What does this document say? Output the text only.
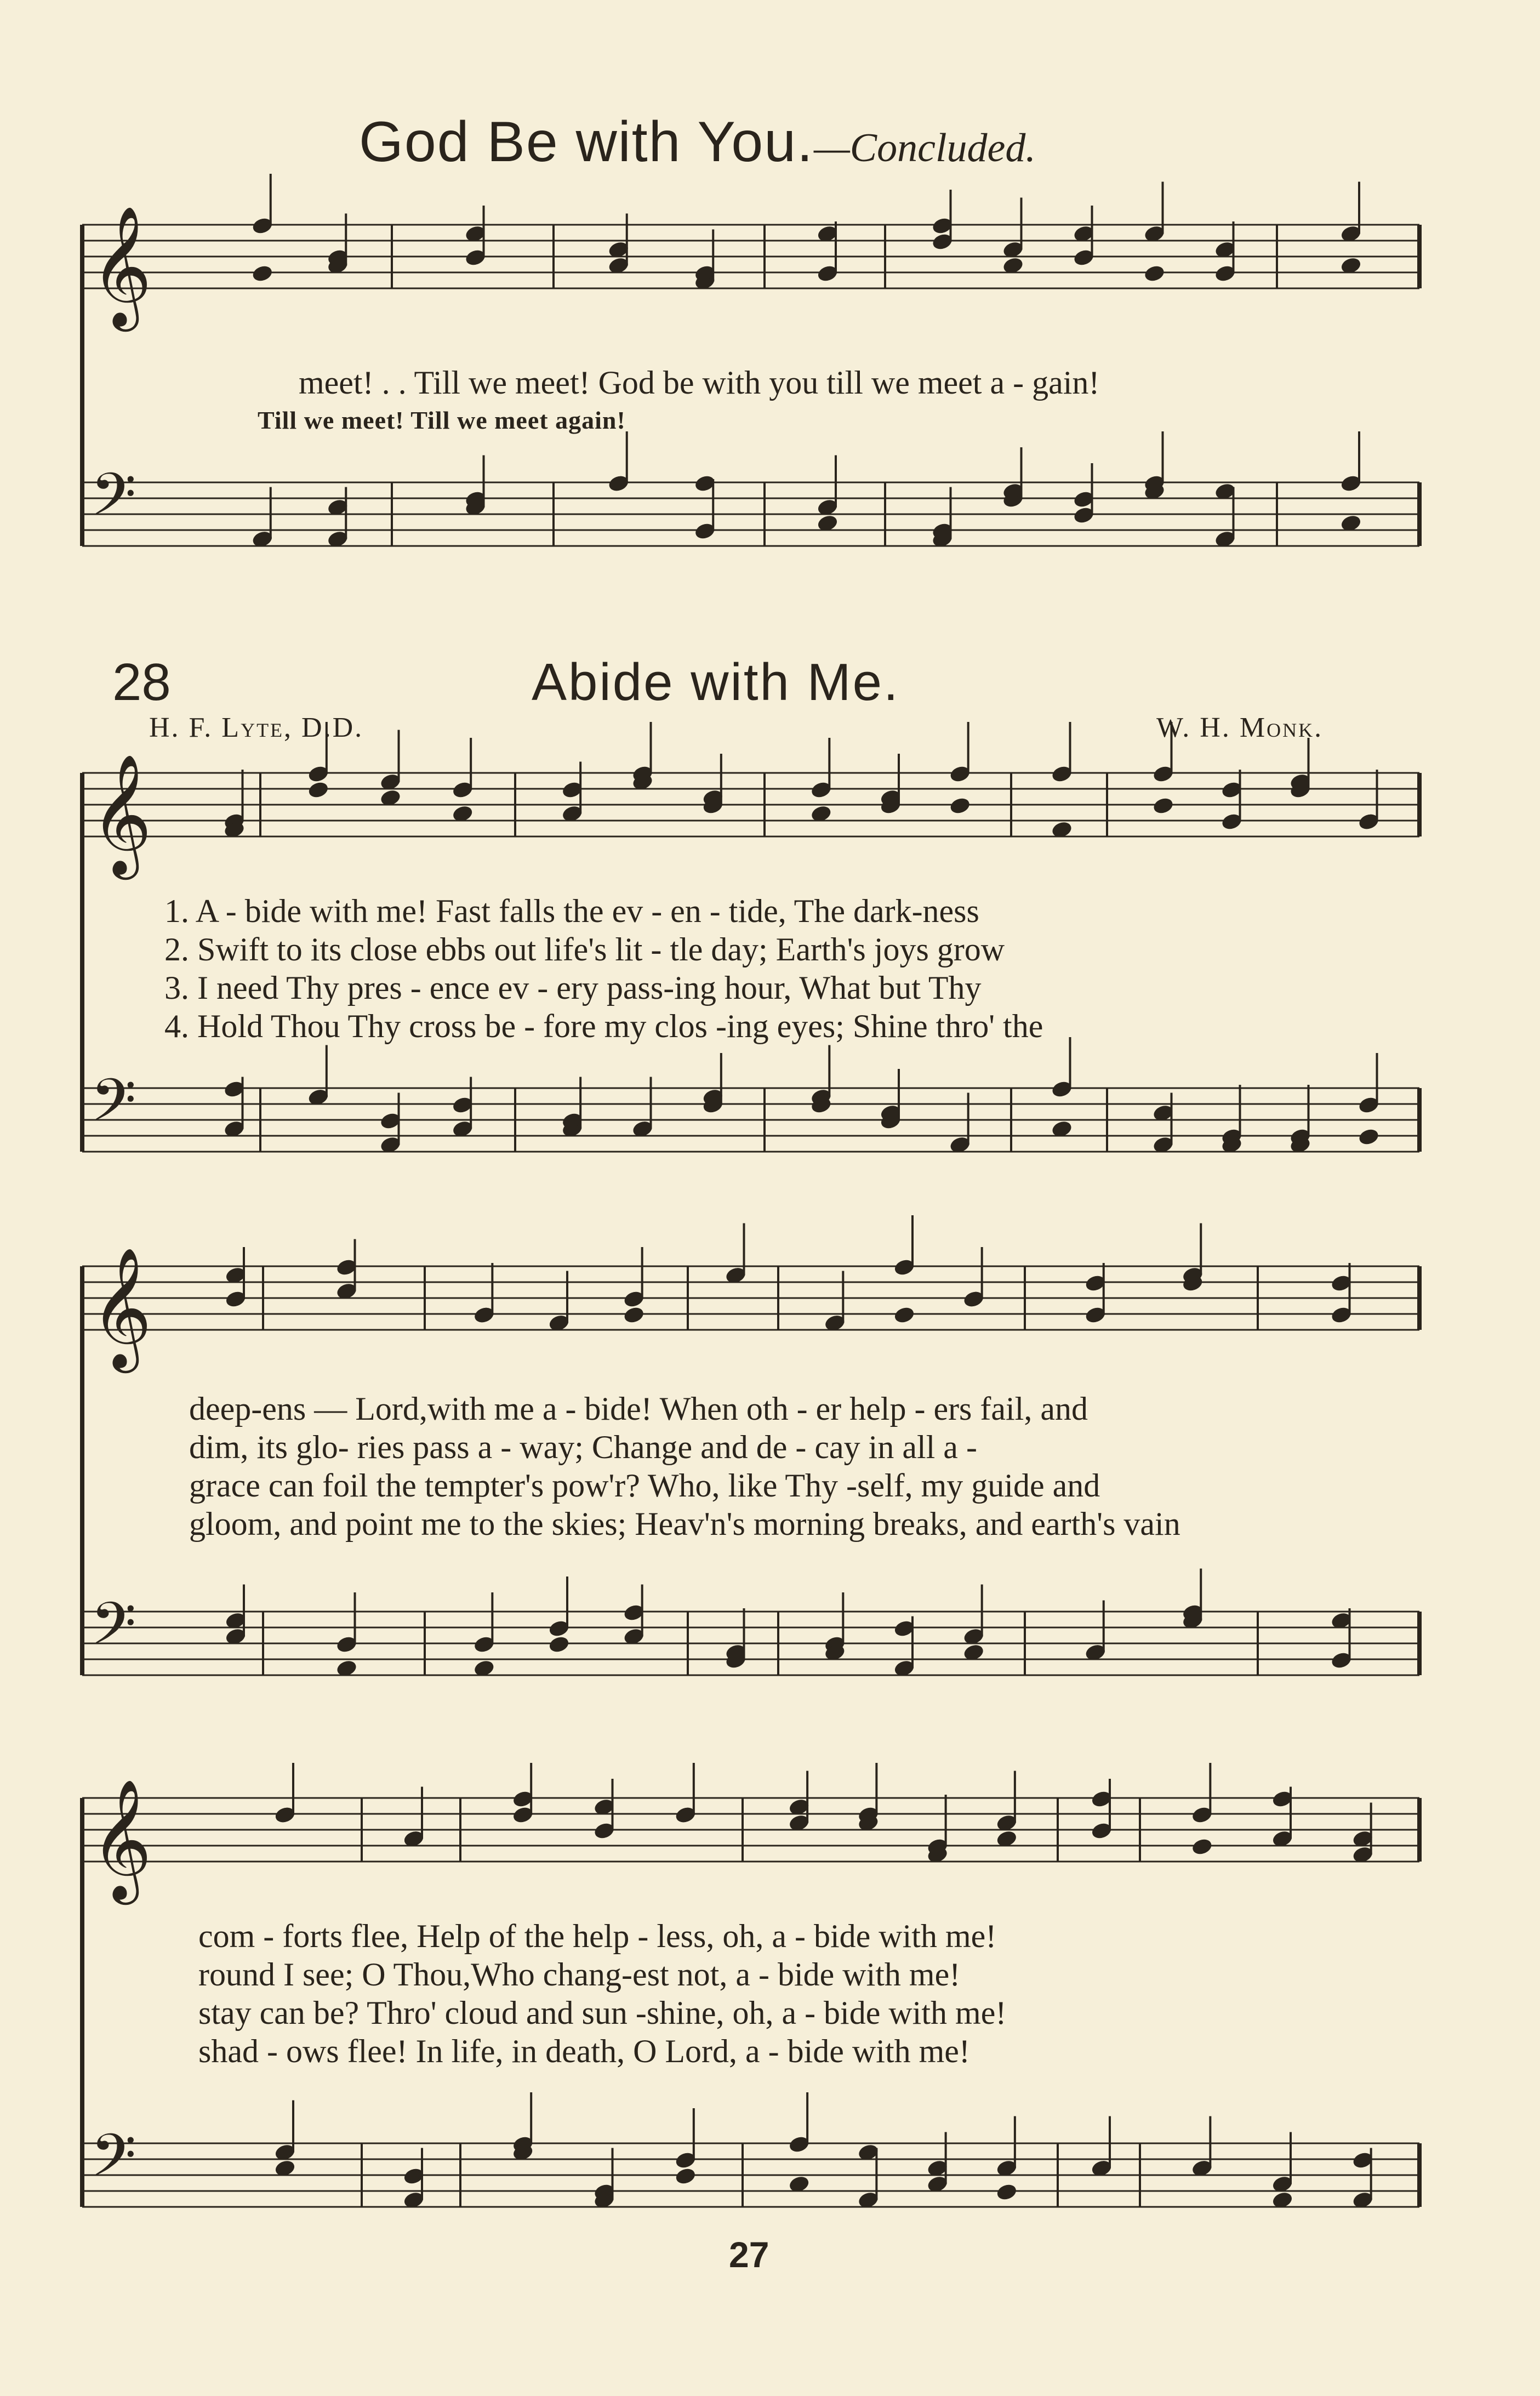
God Be with You.—Concluded.
𝄞
𝄢
𝄞
𝄢
𝄞
𝄢
𝄞
𝄢
meet! . . Till we meet! God be with you till we meet a - gain!
Till we meet! Till we meet again!
28	Abide with Me.
H. F. Lyte, D.D.	W. H. Monk.
1. A - bide with me! Fast falls the ev - en - tide, The dark-ness
2. Swift to its close ebbs out life's lit - tle day; Earth's joys grow
3. I need Thy pres - ence ev - ery pass-ing hour, What but Thy
4. Hold Thou Thy cross be - fore my clos -ing eyes; Shine thro' the
deep-ens — Lord,with me a - bide! When oth - er help - ers fail, and
dim, its glo- ries pass a - way; Change and de - cay in all a -
grace can foil the tempter's pow'r? Who, like Thy -self, my guide and
gloom, and point me to the skies; Heav'n's morning breaks, and earth's vain
com - forts flee, Help of the help - less, oh, a - bide with me!
round I see; O Thou,Who chang-est not, a - bide with me!
stay can be? Thro' cloud and sun -shine, oh, a - bide with me!
shad - ows flee! In life, in death, O Lord, a - bide with me!
27
